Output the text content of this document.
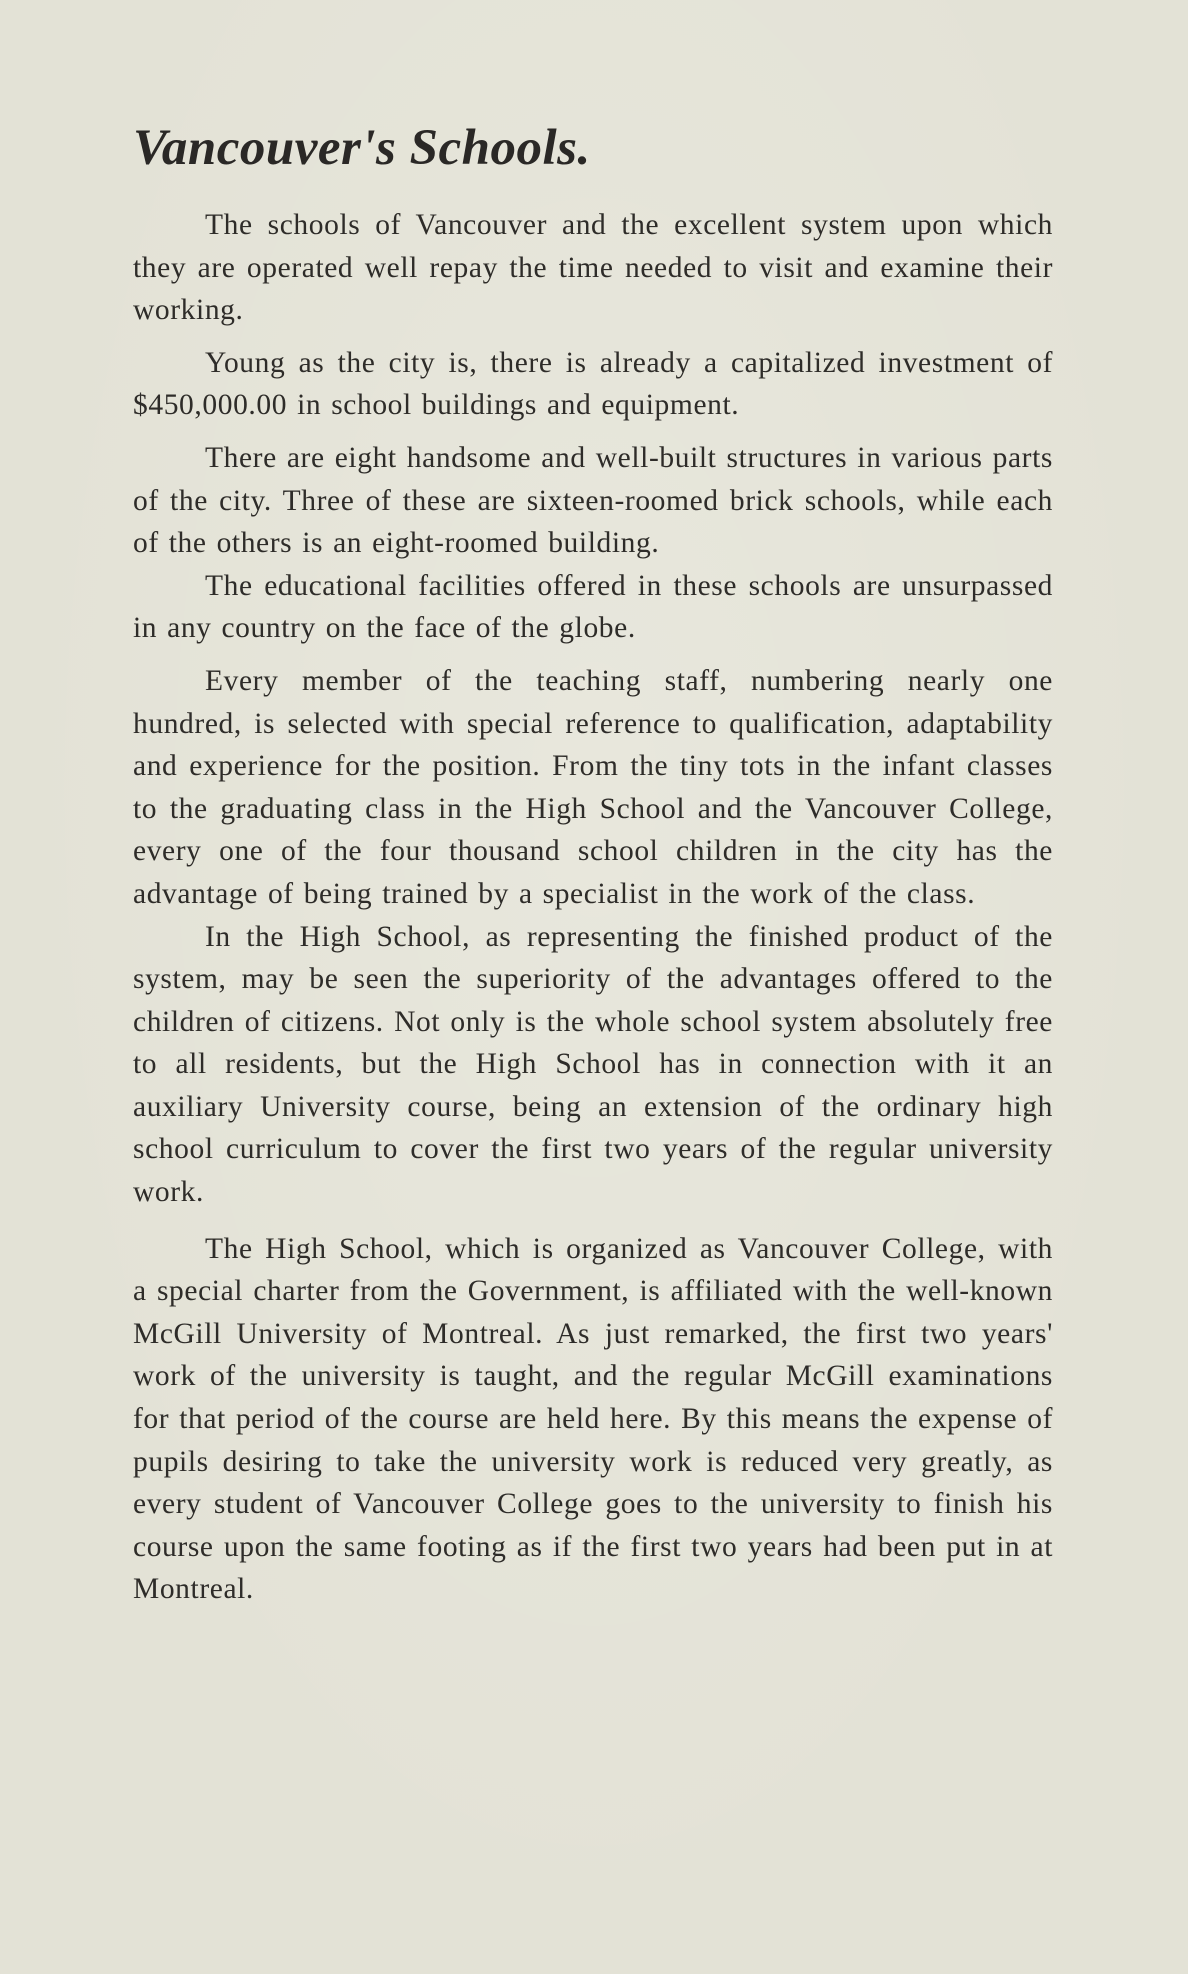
Vancouver's Schools.

The schools of Vancouver and the excellent system upon which they are operated well repay the time needed to visit and examine their working.

Young as the city is, there is already a capitalized investment of $450,000.00 in school buildings and equipment.

There are eight handsome and well-built structures in various parts of the city. Three of these are sixteen-roomed brick schools, while each of the others is an eight-roomed building.

The educational facilities offered in these schools are unsurpassed in any country on the face of the globe.

Every member of the teaching staff, numbering nearly one hundred, is selected with special reference to qualification, adaptability and experience for the position. From the tiny tots in the infant classes to the graduating class in the High School and the Vancouver College, every one of the four thousand school children in the city has the advantage of being trained by a specialist in the work of the class.

In the High School, as representing the finished product of the system, may be seen the superiority of the advantages offered to the children of citizens. Not only is the whole school system absolutely free to all residents, but the High School has in connection with it an auxiliary University course, being an extension of the ordinary high school curriculum to cover the first two years of the regular university work.

The High School, which is organized as Vancouver College, with a special charter from the Government, is affiliated with the well-known McGill University of Montreal. As just remarked, the first two years' work of the university is taught, and the regular McGill examinations for that period of the course are held here. By this means the expense of pupils desiring to take the university work is reduced very greatly, as every student of Vancouver College goes to the university to finish his course upon the same footing as if the first two years had been put in at Montreal.
